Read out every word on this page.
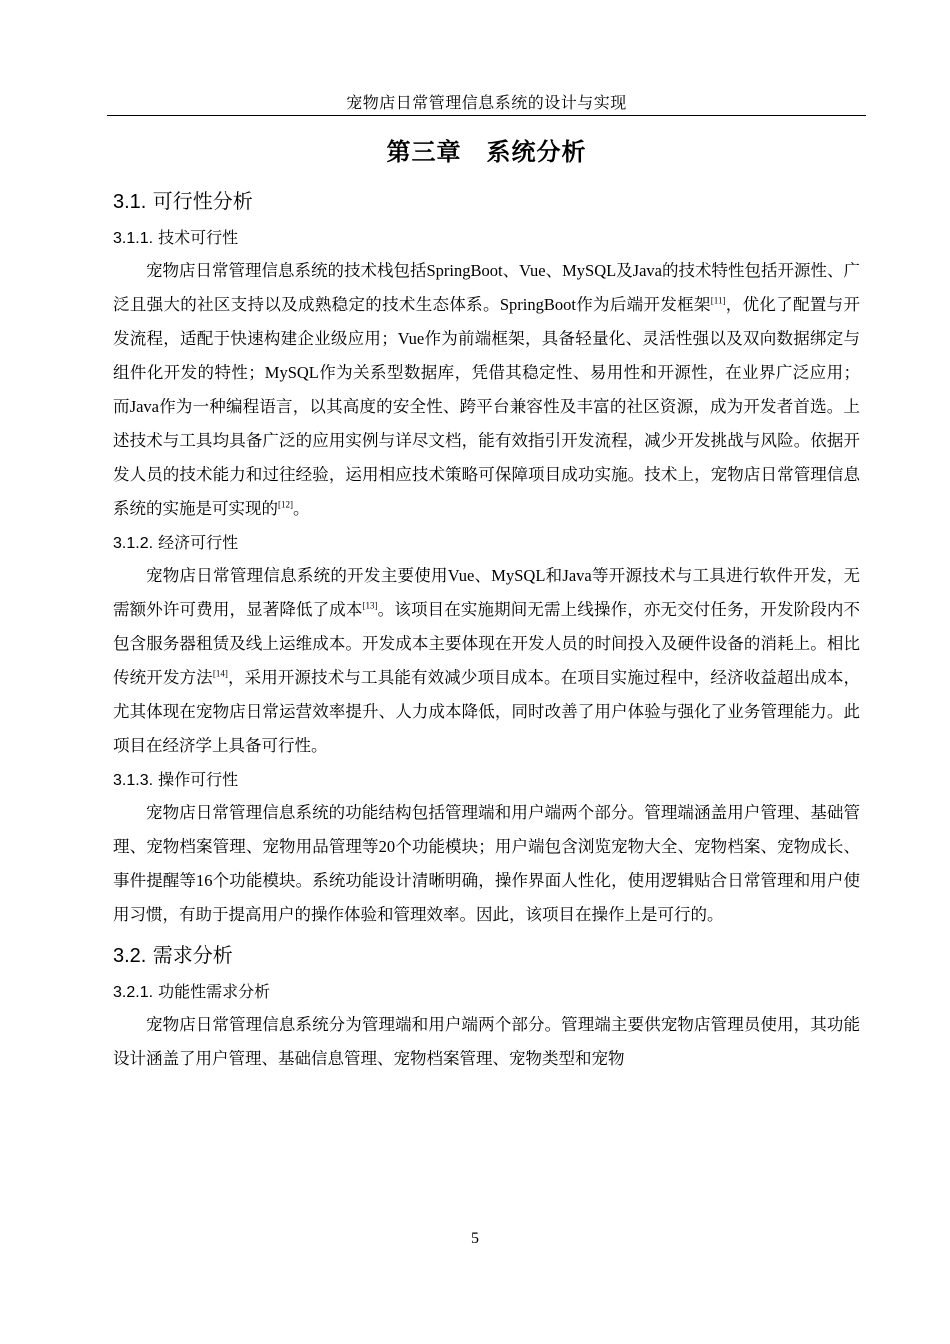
宠物店日常管理信息系统的设计与实现
第三章　系统分析
3.1. 可行性分析
3.1.1. 技术可行性

宠物店日常管理信息系统的技术栈包括SpringBoot、Vue、MySQL及Java的技术特性包括开源性、广泛且强大的社区支持以及成熟稳定的技术生态体系。SpringBoot作为后端开发框架[11]，优化了配置与开发流程，适配于快速构建企业级应用；Vue作为前端框架，具备轻量化、灵活性强以及双向数据绑定与组件化开发的特性；MySQL作为关系型数据库，凭借其稳定性、易用性和开源性，在业界广泛应用；而Java作为一种编程语言，以其高度的安全性、跨平台兼容性及丰富的社区资源，成为开发者首选。上述技术与工具均具备广泛的应用实例与详尽文档，能有效指引开发流程，减少开发挑战与风险。依据开发人员的技术能力和过往经验，运用相应技术策略可保障项目成功实施。技术上，宠物店日常管理信息系统的实施是可实现的[12]。

3.1.2. 经济可行性

宠物店日常管理信息系统的开发主要使用Vue、MySQL和Java等开源技术与工具进行软件开发，无需额外许可费用，显著降低了成本[13]。该项目在实施期间无需上线操作，亦无交付任务，开发阶段内不包含服务器租赁及线上运维成本。开发成本主要体现在开发人员的时间投入及硬件设备的消耗上。相比传统开发方法[14]，采用开源技术与工具能有效减少项目成本。在项目实施过程中，经济收益超出成本，尤其体现在宠物店日常运营效率提升、人力成本降低，同时改善了用户体验与强化了业务管理能力。此项目在经济学上具备可行性。

3.1.3. 操作可行性

宠物店日常管理信息系统的功能结构包括管理端和用户端两个部分。管理端涵盖用户管理、基础管理、宠物档案管理、宠物用品管理等20个功能模块；用户端包含浏览宠物大全、宠物档案、宠物成长、事件提醒等16个功能模块。系统功能设计清晰明确，操作界面人性化，使用逻辑贴合日常管理和用户使用习惯，有助于提高用户的操作体验和管理效率。因此，该项目在操作上是可行的。

3.2. 需求分析
3.2.1. 功能性需求分析

宠物店日常管理信息系统分为管理端和用户端两个部分。管理端主要供宠物店管理员使用，其功能设计涵盖了用户管理、基础信息管理、宠物档案管理、宠物类型和宠物

5
